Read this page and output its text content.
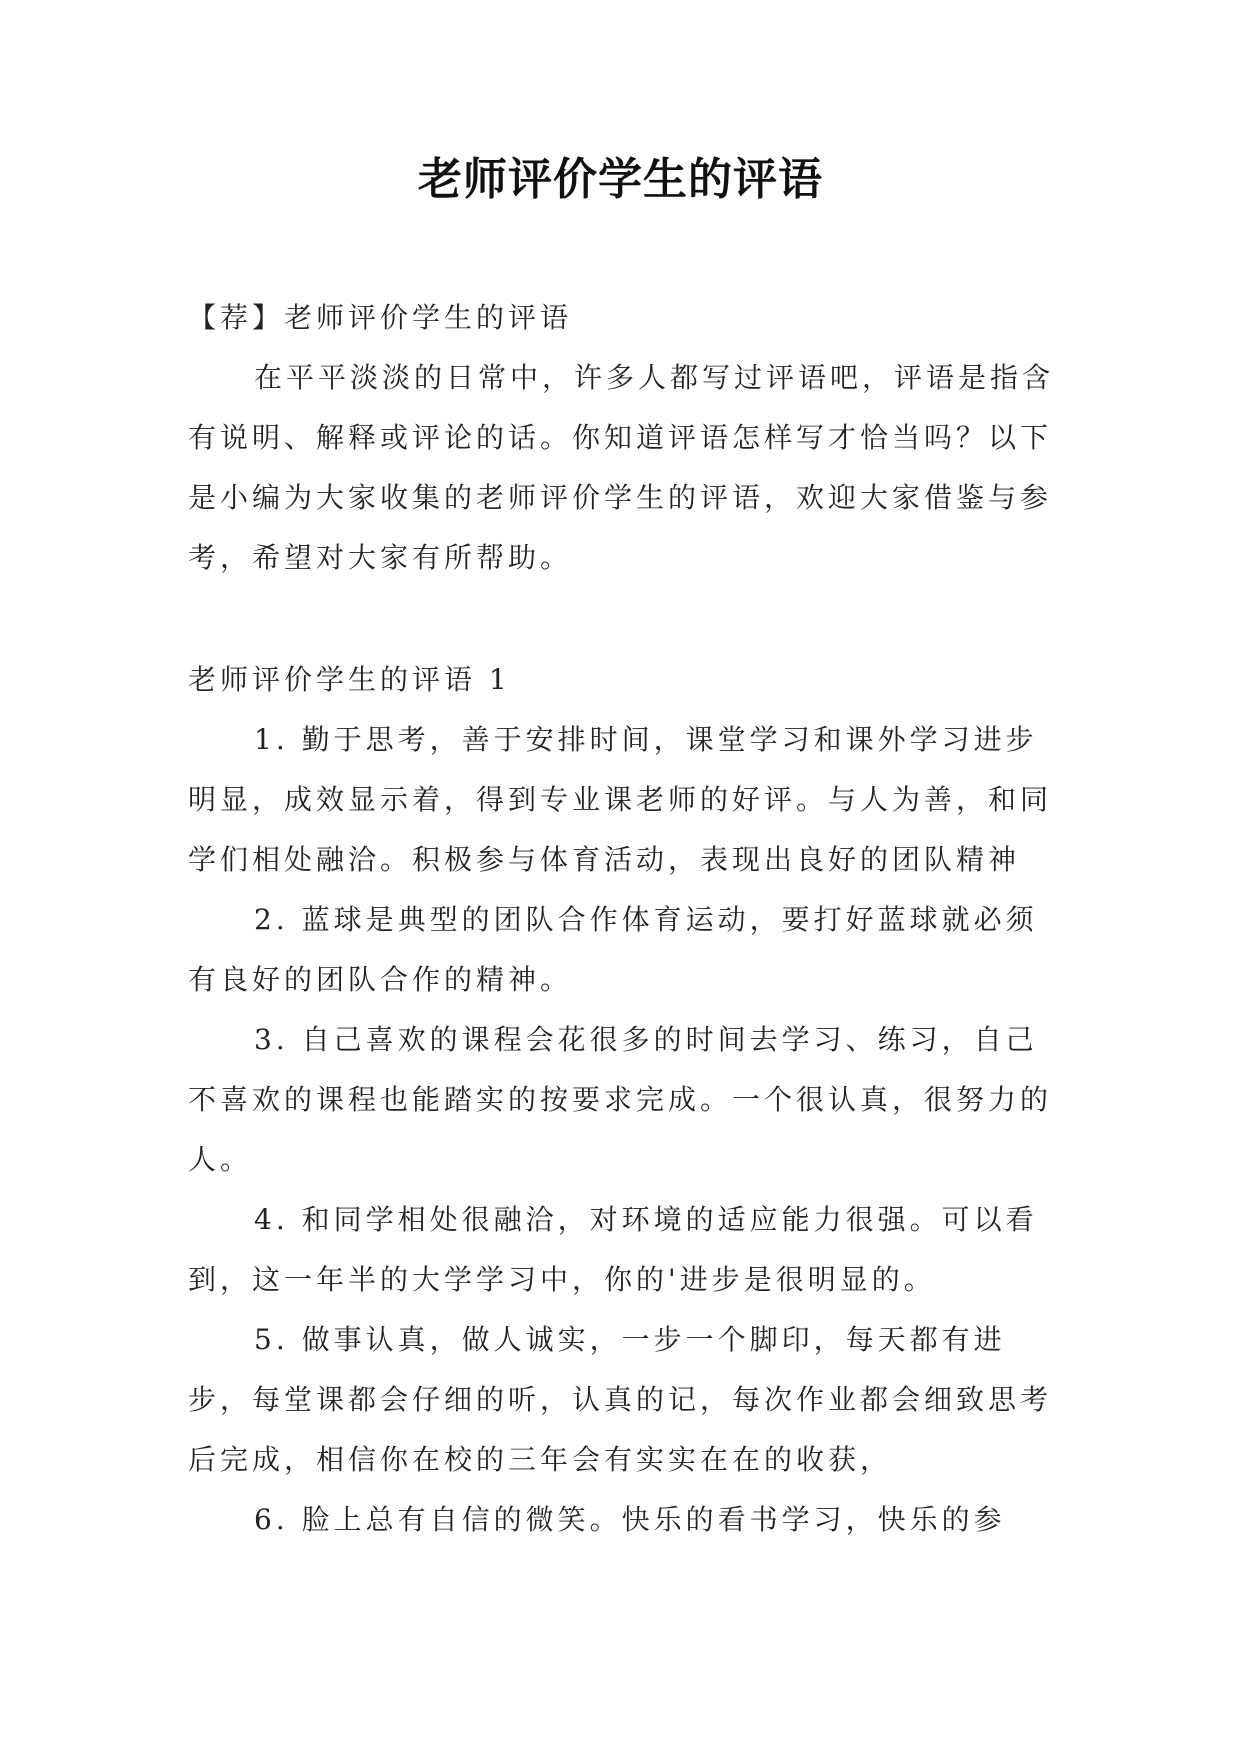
老师评价学生的评语

【荐】老师评价学生的评语

在平平淡淡的日常中，许多人都写过评语吧，评语是指含有说明、解释或评论的话。你知道评语怎样写才恰当吗？以下是小编为大家收集的老师评价学生的评语，欢迎大家借鉴与参考，希望对大家有所帮助。

老师评价学生的评语 1

1. 勤于思考，善于安排时间，课堂学习和课外学习进步明显，成效显示着，得到专业课老师的好评。与人为善，和同学们相处融洽。积极参与体育活动，表现出良好的团队精神

2. 蓝球是典型的团队合作体育运动，要打好蓝球就必须有良好的团队合作的精神。

3. 自己喜欢的课程会花很多的时间去学习、练习，自己不喜欢的课程也能踏实的按要求完成。一个很认真，很努力的人。

4. 和同学相处很融洽，对环境的适应能力很强。可以看到，这一年半的大学学习中，你的'进步是很明显的。

5. 做事认真，做人诚实，一步一个脚印，每天都有进步，每堂课都会仔细的听，认真的记，每次作业都会细致思考后完成，相信你在校的三年会有实实在在的收获，

6. 脸上总有自信的微笑。快乐的看书学习，快乐的参
